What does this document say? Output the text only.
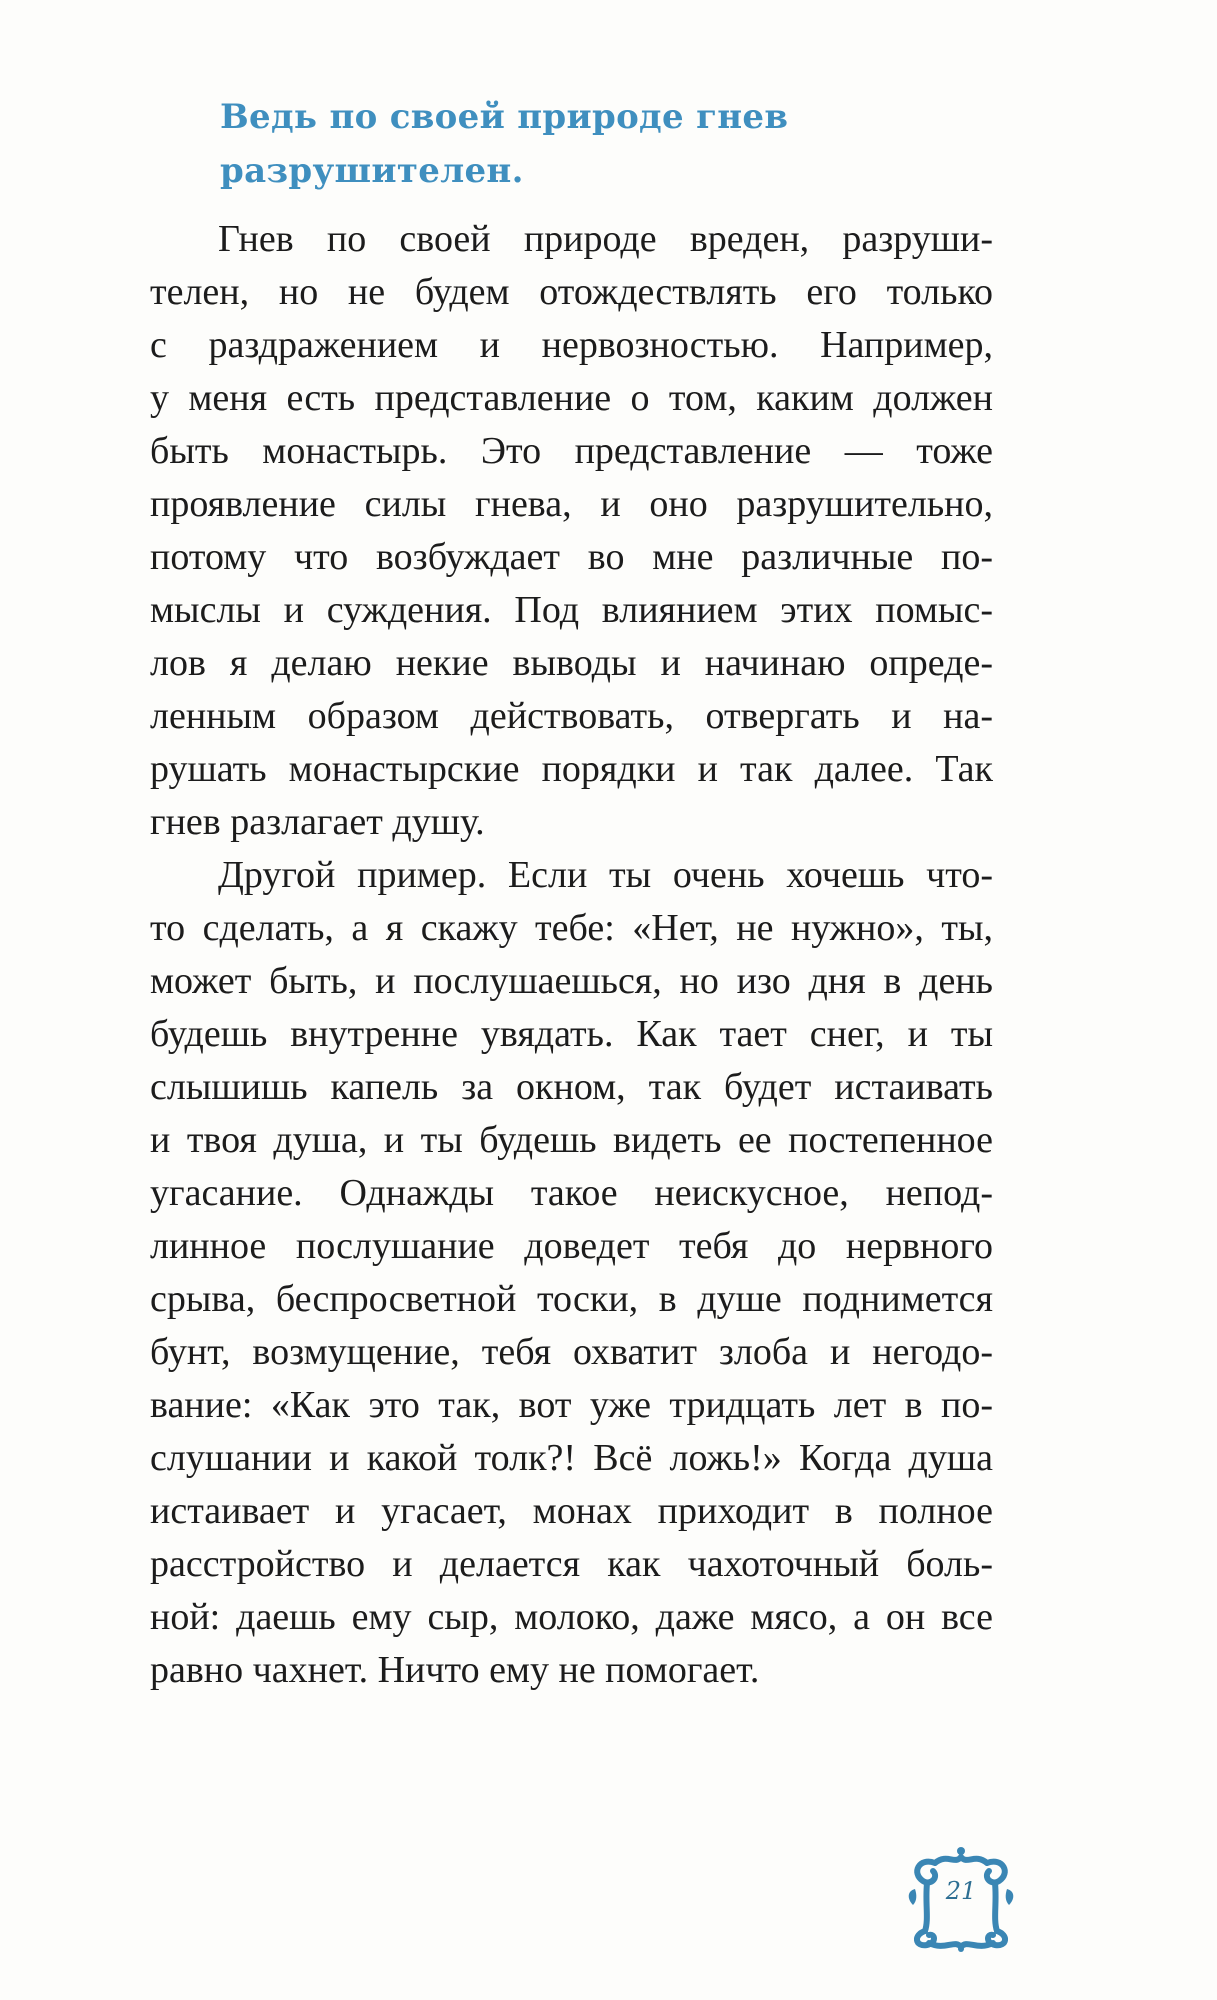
Ведь по своей природе гнев
разрушителен.

Гнев по своей природе вреден, разруши-
телен, но не будем отождествлять его только
с раздражением и нервозностью. Например,
у меня есть представление о том, каким должен
быть монастырь. Это представление — тоже
проявление силы гнева, и оно разрушительно,
потому что возбуждает во мне различные по-
мыслы и суждения. Под влиянием этих помыс-
лов я делаю некие выводы и начинаю опреде-
ленным образом действовать, отвергать и на-
рушать монастырские порядки и так далее. Так
гнев разлагает душу.

Другой пример. Если ты очень хочешь что-
то сделать, а я скажу тебе: «Нет, не нужно», ты,
может быть, и послушаешься, но изо дня в день
будешь внутренне увядать. Как тает снег, и ты
слышишь капель за окном, так будет истаивать
и твоя душа, и ты будешь видеть ее постепенное
угасание. Однажды такое неискусное, непод-
линное послушание доведет тебя до нервного
срыва, беспросветной тоски, в душе поднимется
бунт, возмущение, тебя охватит злоба и негодо-
вание: «Как это так, вот уже тридцать лет в по-
слушании и какой толк?! Всё ложь!» Когда душа
истаивает и угасает, монах приходит в полное
расстройство и делается как чахоточный боль-
ной: даешь ему сыр, молоко, даже мясо, а он все
равно чахнет. Ничто ему не помогает.

21
